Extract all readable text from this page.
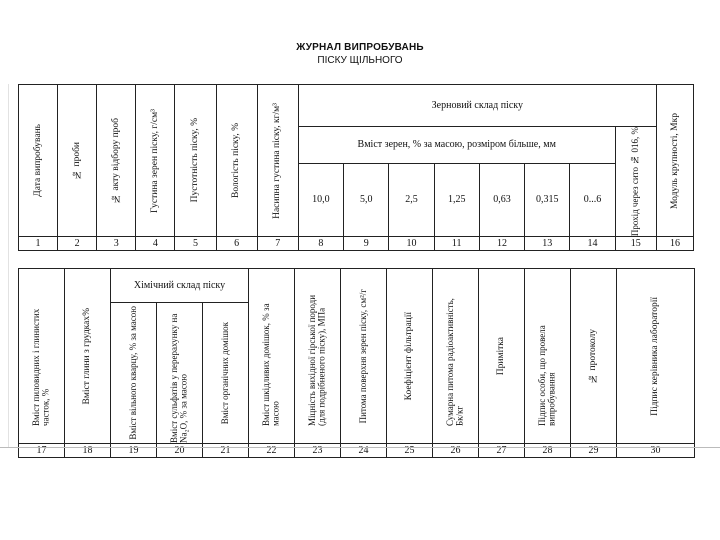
ЖУРНАЛ ВИПРОБУВАНЬ
ПІСКУ ЩІЛЬНОГО
Дата випробувань	№ проби	№ акту відбору проб	Густина зерен піску, г/см³	Пустотність піску, %	Вологість піску, %	Насипна густина піску, кг/м³	Зерновий склад піску								Модуль крупності, Мкр

							Вміст зерен, % за масою, розміром більше, мм							Прохід через сито № 016, %	

							10,0	5,0	2,5	1,25	0,63	0,315	0...6		
1	2	3	4	5	6	7	8	9	10	11	12	13	14	15	16
Вміст пиловидних і глинистих часток, %	Вміст глини з грудках%	Хімічний склад піску			Вміст шкідливих домішок, % за масою	Міцність вихідної гірської породи (для подрібненого піску), МПа	Питома поверхня зерен піску, см²/г	Коефіцієнт фільтрації	Сумарна питома радіоактивність, Бк/кг	Примітка	Підпис особи, що провела випробування	№ протоколу	Підпис керівника лабораторії

		Вміст вільного кварцу, % за масою	Вміст сульфатів у перерахунку на Na₂O, % за масою	Вміст органічних домішок									

17	18	19	20	21	22	23	24	25	26	27	28	29	30
